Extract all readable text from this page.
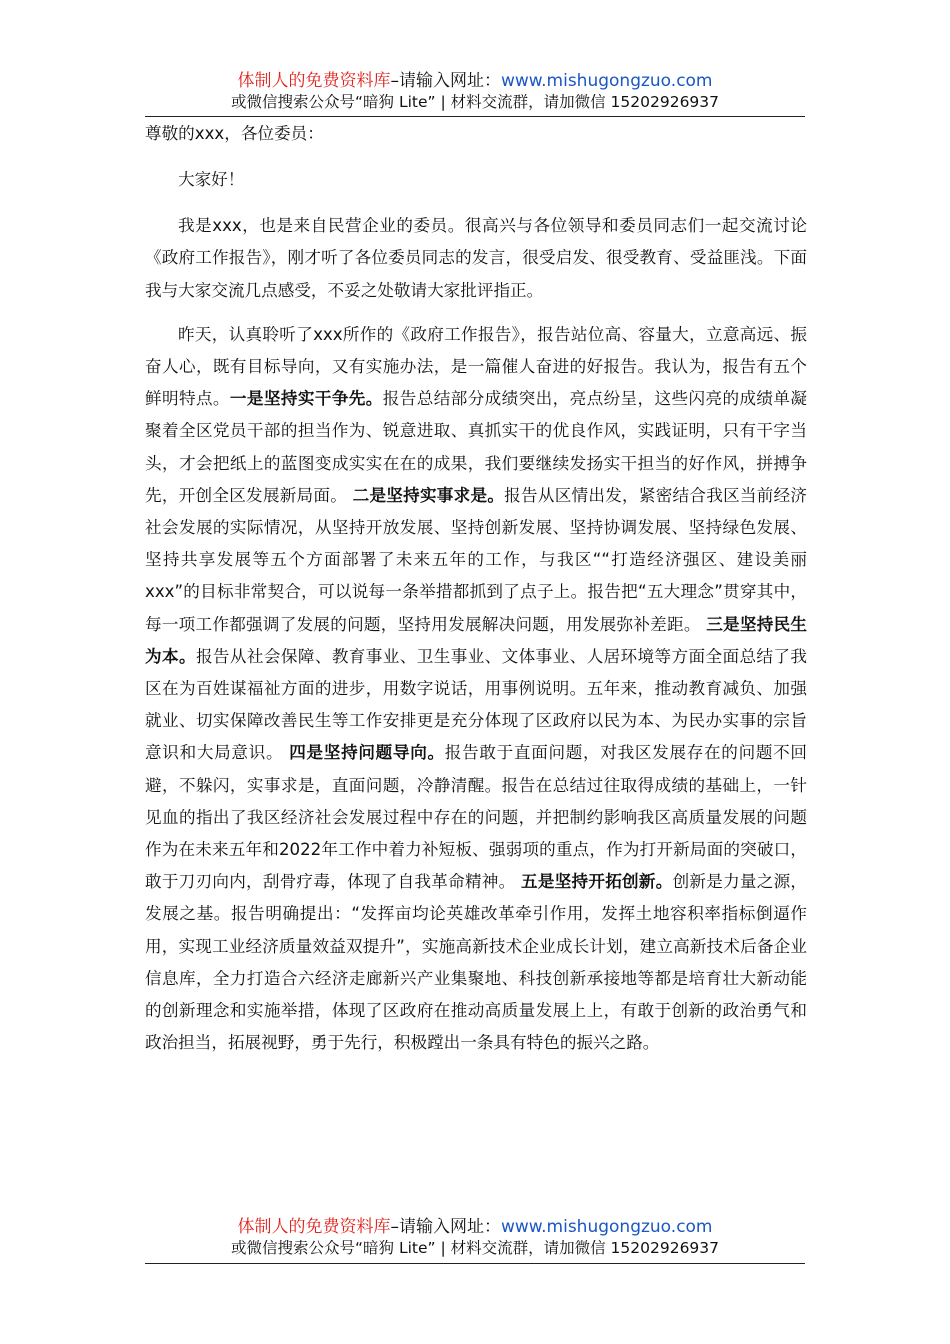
体制人的免费资料库–请输入网址：www.mishugongzuo.com
或微信搜索公众号“暗狗 Lite” | 材料交流群，请加微信 15202926937

尊敬的xxx，各位委员：

大家好！

我是xxx，也是来自民营企业的委员。很高兴与各位领导和委员同志们一起交流讨论《政府工作报告》，刚才听了各位委员同志的发言，很受启发、很受教育、受益匪浅。下面我与大家交流几点感受，不妥之处敬请大家批评指正。

昨天，认真聆听了xxx所作的《政府工作报告》，报告站位高、容量大，立意高远、振奋人心，既有目标导向，又有实施办法，是一篇催人奋进的好报告。我认为，报告有五个鲜明特点。一是坚持实干争先。报告总结部分成绩突出，亮点纷呈，这些闪亮的成绩单凝聚着全区党员干部的担当作为、锐意进取、真抓实干的优良作风，实践证明，只有干字当头，才会把纸上的蓝图变成实实在在的成果，我们要继续发扬实干担当的好作风，拼搏争先，开创全区发展新局面。 二是坚持实事求是。报告从区情出发，紧密结合我区当前经济社会发展的实际情况，从坚持开放发展、坚持创新发展、坚持协调发展、坚持绿色发展、坚持共享发展等五个方面部署了未来五年的工作，与我区““打造经济强区、建设美丽xxx”的目标非常契合，可以说每一条举措都抓到了点子上。报告把“五大理念”贯穿其中，每一项工作都强调了发展的问题，坚持用发展解决问题，用发展弥补差距。 三是坚持民生为本。报告从社会保障、教育事业、卫生事业、文体事业、人居环境等方面全面总结了我区在为百姓谋福祉方面的进步，用数字说话，用事例说明。五年来，推动教育减负、加强就业、切实保障改善民生等工作安排更是充分体现了区政府以民为本、为民办实事的宗旨意识和大局意识。 四是坚持问题导向。报告敢于直面问题，对我区发展存在的问题不回避，不躲闪，实事求是，直面问题，冷静清醒。报告在总结过往取得成绩的基础上，一针见血的指出了我区经济社会发展过程中存在的问题，并把制约影响我区高质量发展的问题作为在未来五年和2022年工作中着力补短板、强弱项的重点，作为打开新局面的突破口，敢于刀刃向内，刮骨疗毒，体现了自我革命精神。 五是坚持开拓创新。创新是力量之源，发展之基。报告明确提出：“发挥亩均论英雄改革牵引作用，发挥土地容积率指标倒逼作用，实现工业经济质量效益双提升”，实施高新技术企业成长计划，建立高新技术后备企业信息库，全力打造合六经济走廊新兴产业集聚地、科技创新承接地等都是培育壮大新动能的创新理念和实施举措，体现了区政府在推动高质量发展上上，有敢于创新的政治勇气和政治担当，拓展视野，勇于先行，积极蹚出一条具有特色的振兴之路。

体制人的免费资料库–请输入网址：www.mishugongzuo.com
或微信搜索公众号“暗狗 Lite” | 材料交流群，请加微信 15202926937
